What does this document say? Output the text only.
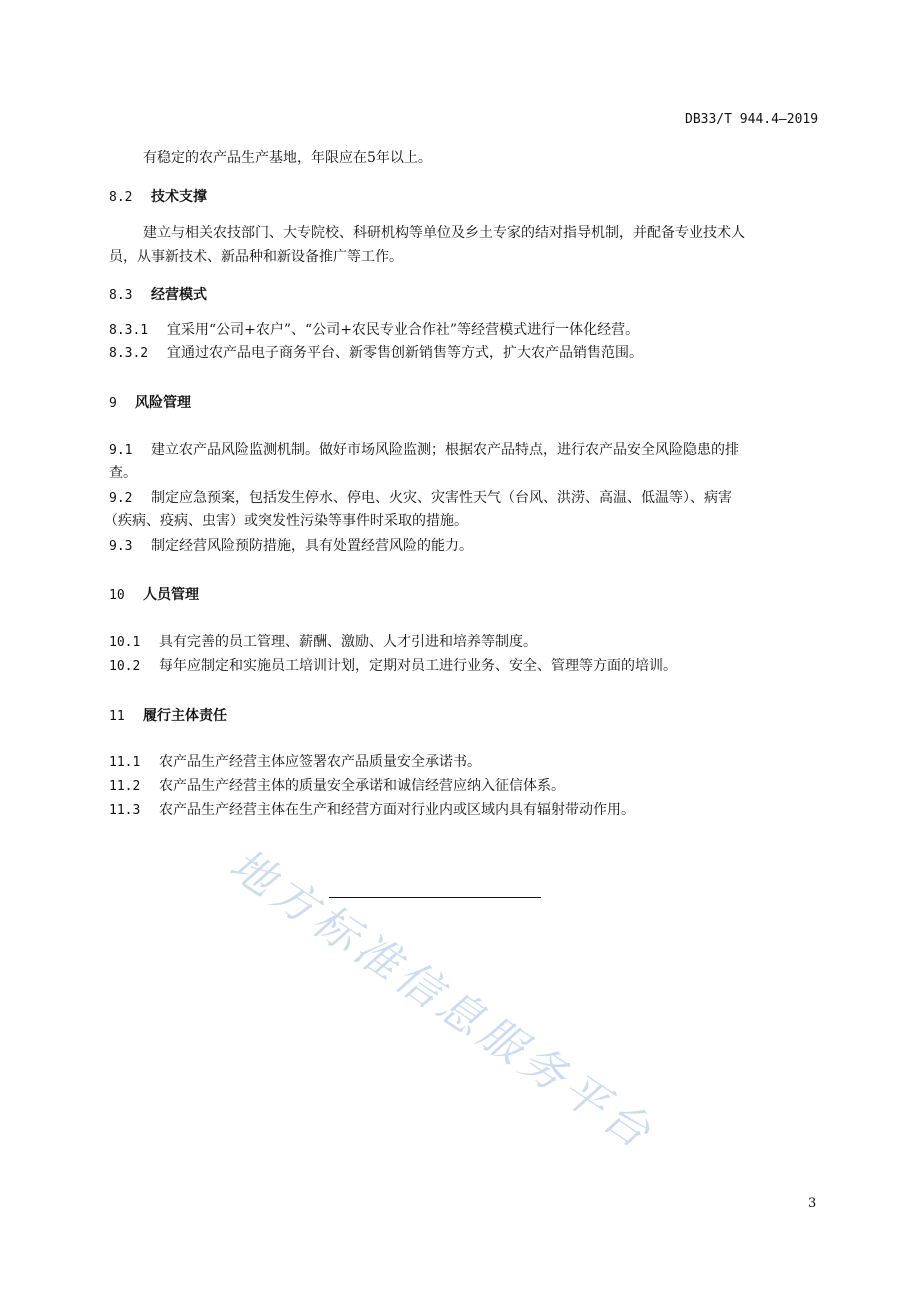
DB33/T 944.4—2019
有稳定的农产品生产基地，年限应在5年以上。
8.2 技术支撑
建立与相关农技部门、大专院校、科研机构等单位及乡土专家的结对指导机制，并配备专业技术人
员，从事新技术、新品种和新设备推广等工作。
8.3 经营模式
8.3.1 宜采用“公司+农户”、“公司+农民专业合作社”等经营模式进行一体化经营。
8.3.2 宜通过农产品电子商务平台、新零售创新销售等方式，扩大农产品销售范围。
9 风险管理
9.1 建立农产品风险监测机制。做好市场风险监测；根据农产品特点，进行农产品安全风险隐患的排
查。
9.2 制定应急预案，包括发生停水、停电、火灾、灾害性天气（台风、洪涝、高温、低温等）、病害
（疾病、疫病、虫害）或突发性污染等事件时采取的措施。
9.3 制定经营风险预防措施，具有处置经营风险的能力。
10 人员管理
10.1 具有完善的员工管理、薪酬、激励、人才引进和培养等制度。
10.2 每年应制定和实施员工培训计划，定期对员工进行业务、安全、管理等方面的培训。
11 履行主体责任
11.1 农产品生产经营主体应签署农产品质量安全承诺书。
11.2 农产品生产经营主体的质量安全承诺和诚信经营应纳入征信体系。
11.3 农产品生产经营主体在生产和经营方面对行业内或区域内具有辐射带动作用。
地方标准信息服务平台
3
